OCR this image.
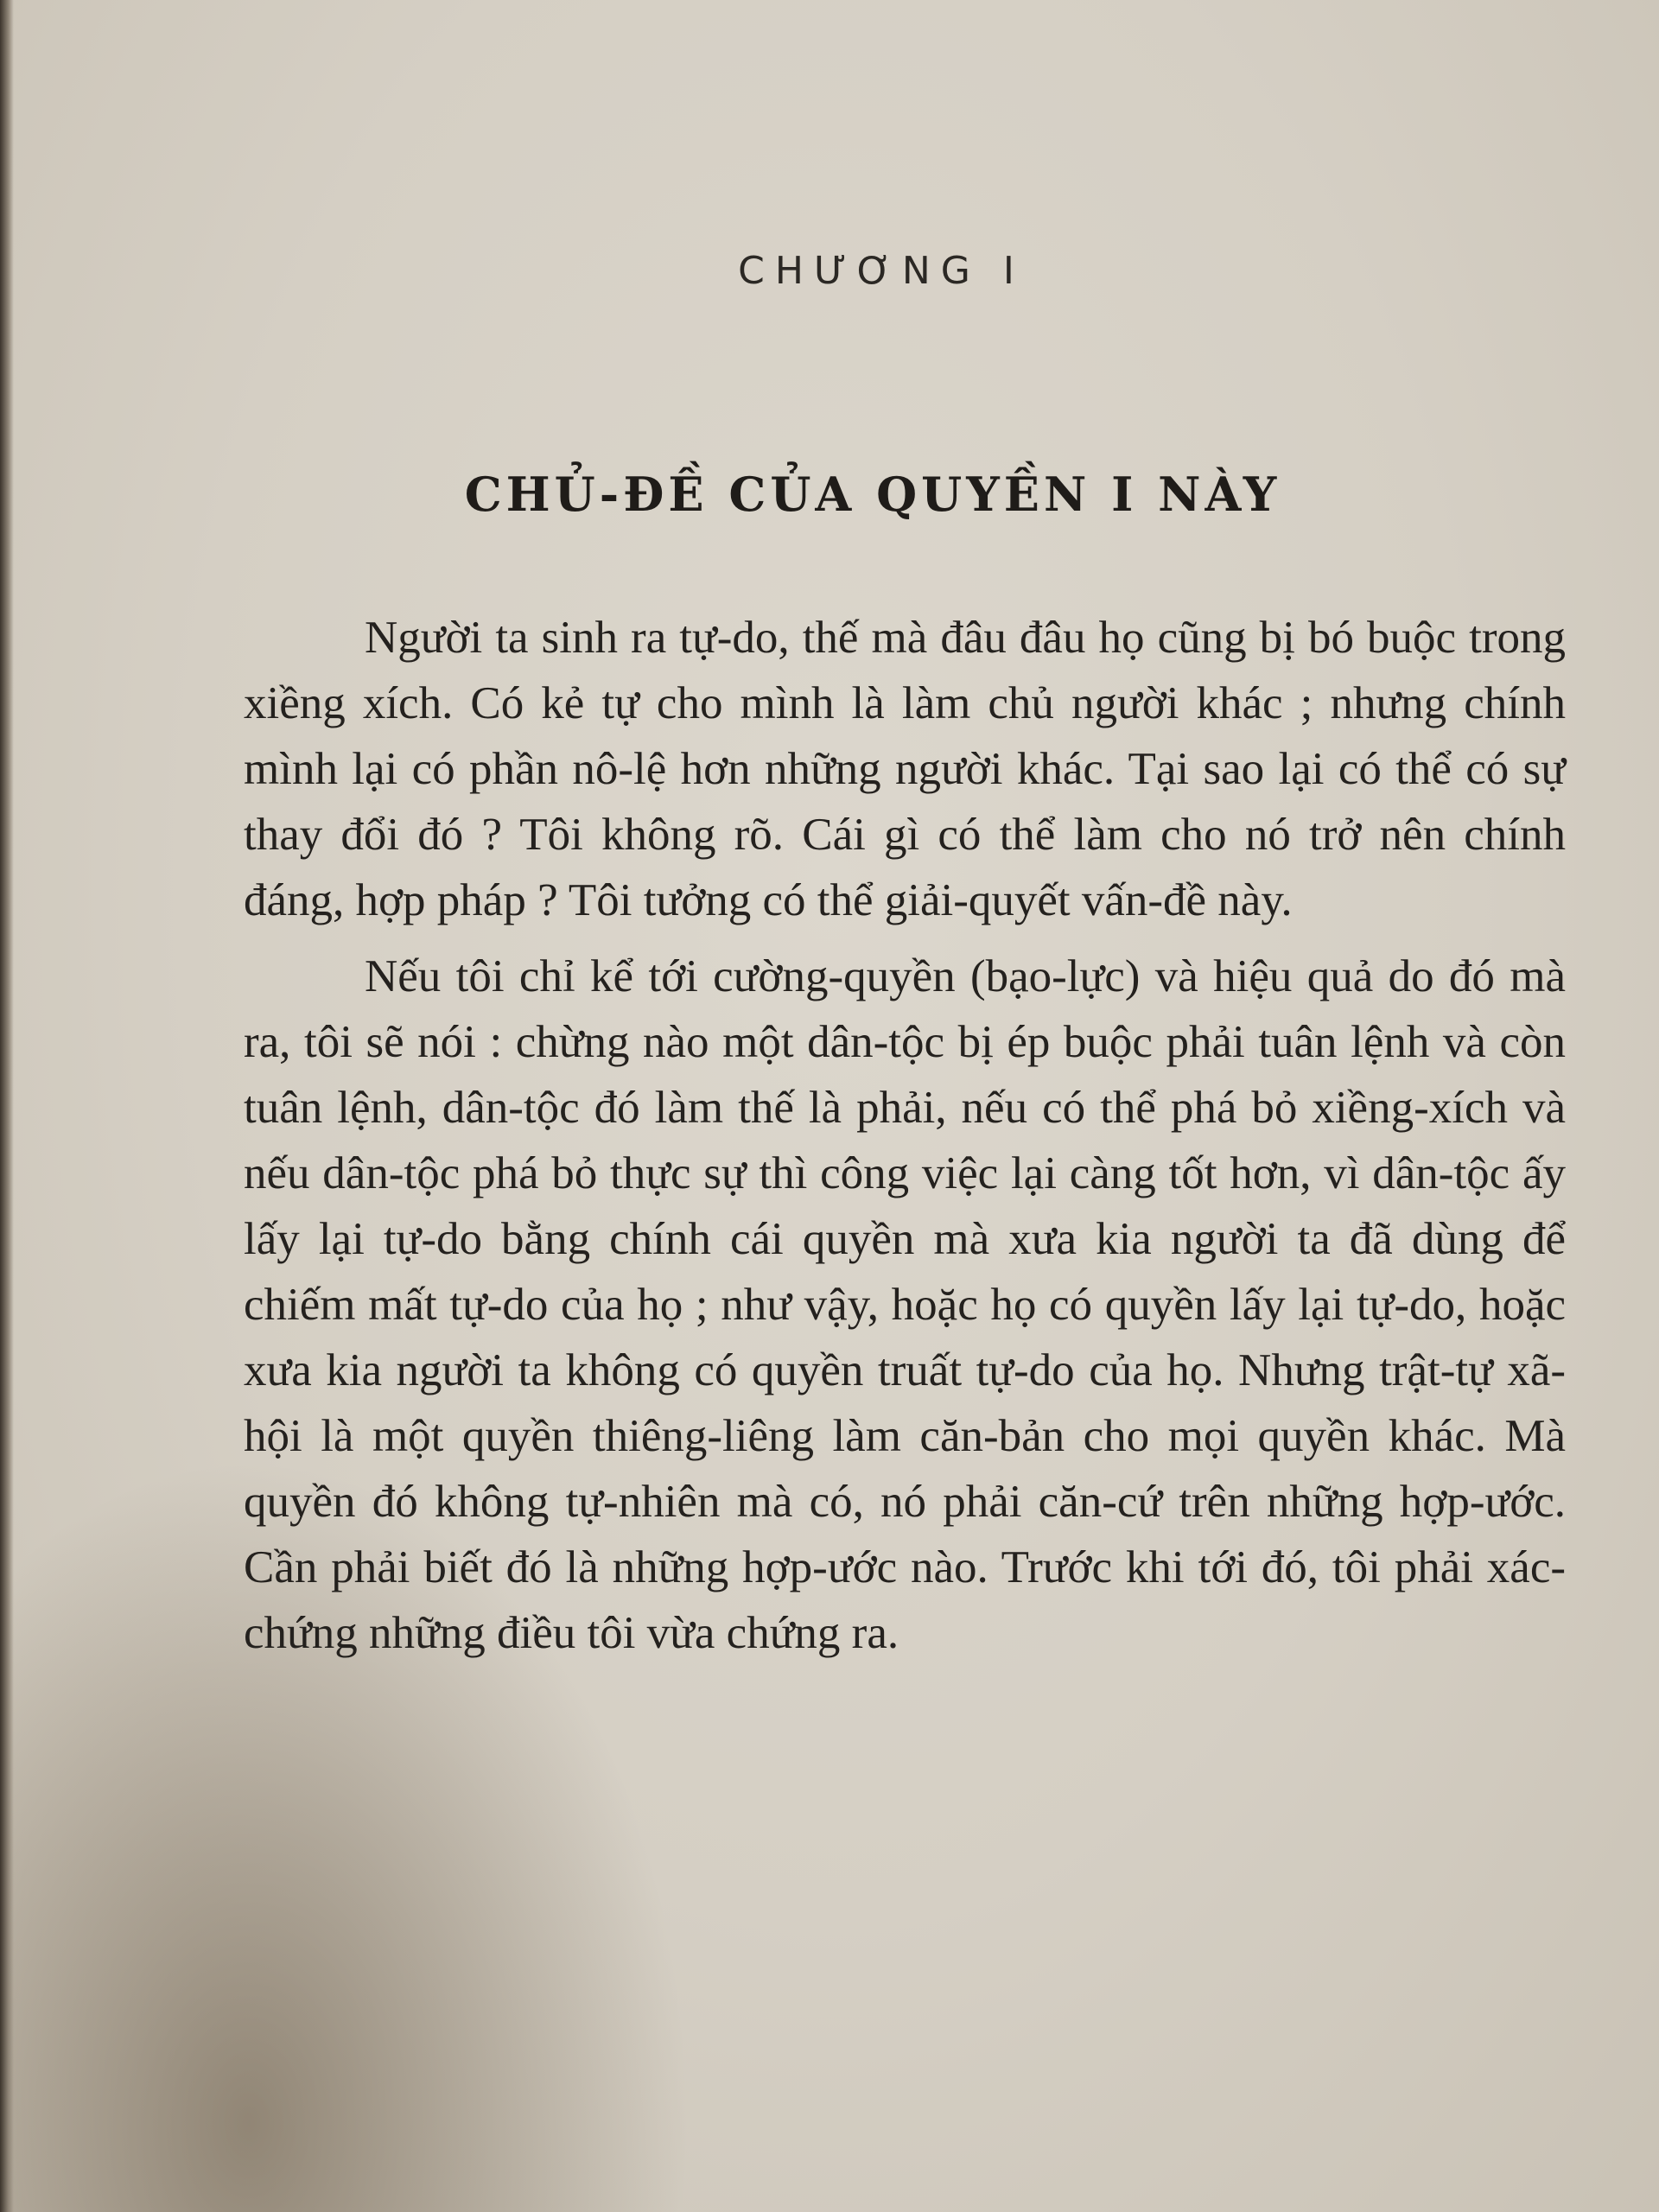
CHƯƠNG I
CHỦ-ĐỀ CỦA QUYỀN I NÀY

Người ta sinh ra tự-do, thế mà đâu đâu họ cũng bị bó buộc trong xiềng xích. Có kẻ tự cho mình là làm chủ người khác ; nhưng chính mình lại có phần nô-lệ hơn những người khác. Tại sao lại có thể có sự thay đổi đó ? Tôi không rõ. Cái gì có thể làm cho nó trở nên chính đáng, hợp pháp ? Tôi tưởng có thể giải-quyết vấn-đề này.

Nếu tôi chỉ kể tới cường-quyền (bạo-lực) và hiệu quả do đó mà ra, tôi sẽ nói : chừng nào một dân-tộc bị ép buộc phải tuân lệnh và còn tuân lệnh, dân-tộc đó làm thế là phải, nếu có thể phá bỏ xiềng-xích và nếu dân-tộc phá bỏ thực sự thì công việc lại càng tốt hơn, vì dân-tộc ấy lấy lại tự-do bằng chính cái quyền mà xưa kia người ta đã dùng để chiếm mất tự-do của họ ; như vậy, hoặc họ có quyền lấy lại tự-do, hoặc xưa kia người ta không có quyền truất tự-do của họ. Nhưng trật-tự xã-hội là một quyền thiêng-liêng làm căn-bản cho mọi quyền khác. Mà quyền đó không tự-nhiên mà có, nó phải căn-cứ trên những hợp-ước. Cần phải biết đó là những hợp-ước nào. Trước khi tới đó, tôi phải xác-chứng những điều tôi vừa chứng ra.
